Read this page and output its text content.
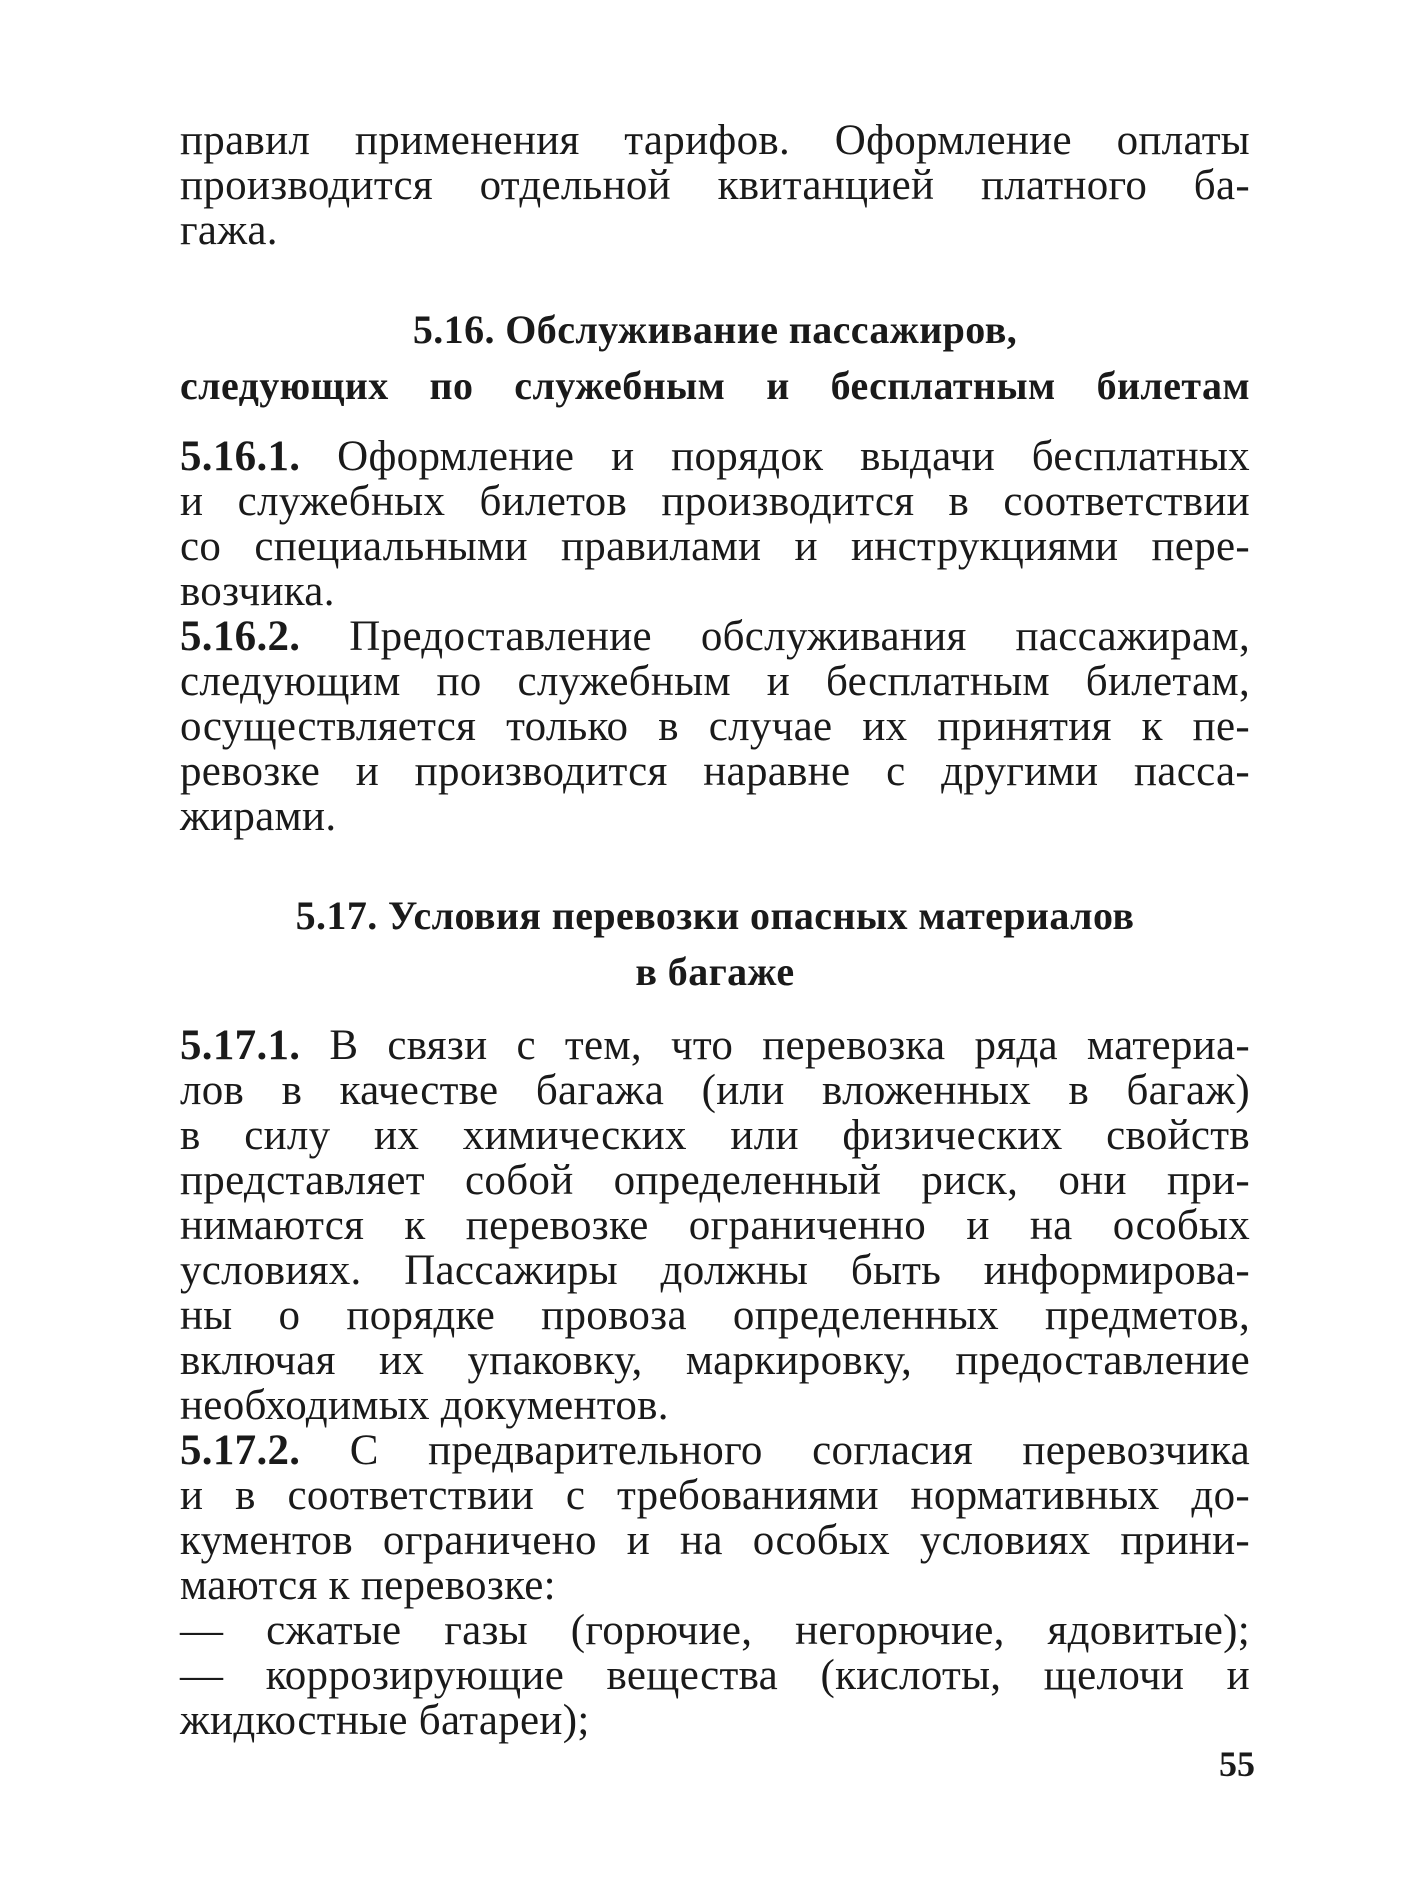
правил применения тарифов. Оформление оплаты
производится отдельной квитанцией платного ба-
гажа.
5.16. Обслуживание пассажиров,
следующих по служебным и бесплатным билетам
5.16.1. Оформление и порядок выдачи бесплатных
и служебных билетов производится в соответствии
со специальными правилами и инструкциями пере-
возчика.
5.16.2. Предоставление обслуживания пассажирам,
следующим по служебным и бесплатным билетам,
осуществляется только в случае их принятия к пе-
ревозке и производится наравне с другими пасса-
жирами.
5.17. Условия перевозки опасных материалов
в багаже
5.17.1. В связи с тем, что перевозка ряда материа-
лов в качестве багажа (или вложенных в багаж)
в силу их химических или физических свойств
представляет собой определенный риск, они при-
нимаются к перевозке ограниченно и на особых
условиях. Пассажиры должны быть информирова-
ны о порядке провоза определенных предметов,
включая их упаковку, маркировку, предоставление
необходимых документов.
5.17.2. С предварительного согласия перевозчика
и в соответствии с требованиями нормативных до-
кументов ограничено и на особых условиях прини-
маются к перевозке:
— сжатые газы (горючие, негорючие, ядовитые);
— коррозирующие вещества (кислоты, щелочи и
жидкостные батареи);
55
